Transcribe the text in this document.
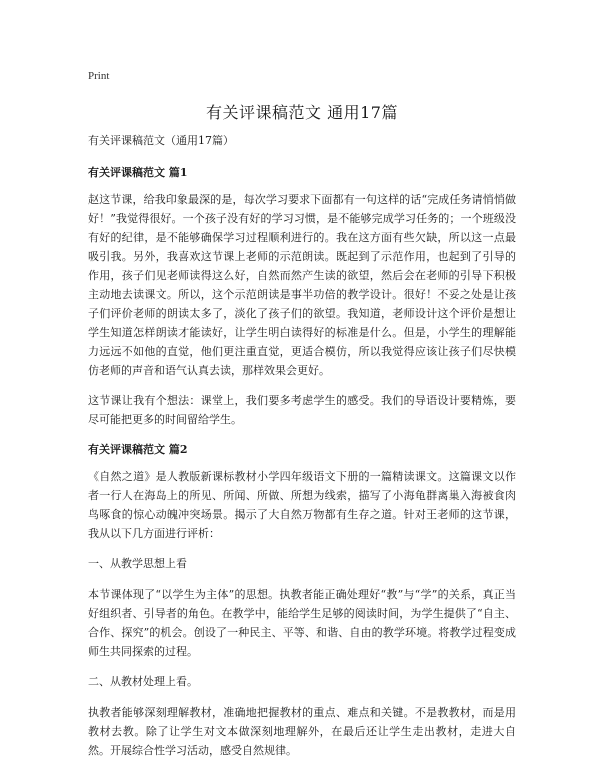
Print
有关评课稿范文 通用17篇

有关评课稿范文（通用17篇）

有关评课稿范文 篇1

赵这节课，给我印象最深的是，每次学习要求下面都有一句这样的话“完成任务请悄悄做好！”我觉得很好。一个孩子没有好的学习习惯，是不能够完成学习任务的；一个班级没有好的纪律，是不能够确保学习过程顺利进行的。我在这方面有些欠缺，所以这一点最吸引我。另外，我喜欢这节课上老师的示范朗读。既起到了示范作用，也起到了引导的作用，孩子们见老师读得这么好，自然而然产生读的欲望，然后会在老师的引导下积极主动地去读课文。所以，这个示范朗读是事半功倍的教学设计。很好！不妥之处是让孩子们评价老师的朗读太多了，淡化了孩子们的欲望。我知道，老师设计这个评价是想让学生知道怎样朗读才能读好，让学生明白读得好的标准是什么。但是，小学生的理解能力远远不如他的直觉，他们更注重直觉，更适合模仿，所以我觉得应该让孩子们尽快模仿老师的声音和语气认真去读，那样效果会更好。

这节课让我有个想法：课堂上，我们要多考虑学生的感受。我们的导语设计要精炼，要尽可能把更多的时间留给学生。

有关评课稿范文 篇2

《自然之道》是人教版新课标教材小学四年级语文下册的一篇精读课文。这篇课文以作者一行人在海岛上的所见、所闻、所做、所想为线索，描写了小海龟群离巢入海被食肉鸟啄食的惊心动魄冲突场景。揭示了大自然万物都有生存之道。针对王老师的这节课，我从以下几方面进行评析：

一、从教学思想上看

本节课体现了“以学生为主体”的思想。执教者能正确处理好“教”与“学”的关系，真正当好组织者、引导者的角色。在教学中，能给学生足够的阅读时间，为学生提供了“自主、合作、探究”的机会。创设了一种民主、平等、和谐、自由的教学环境。将教学过程变成师生共同探索的过程。

二、从教材处理上看。

执教者能够深刻理解教材，准确地把握教材的重点、难点和关键。不是教教材，而是用教材去教。除了让学生对文本做深刻地理解外，在最后还让学生走出教材，走进大自然。开展综合性学习活动，感受自然规律。
